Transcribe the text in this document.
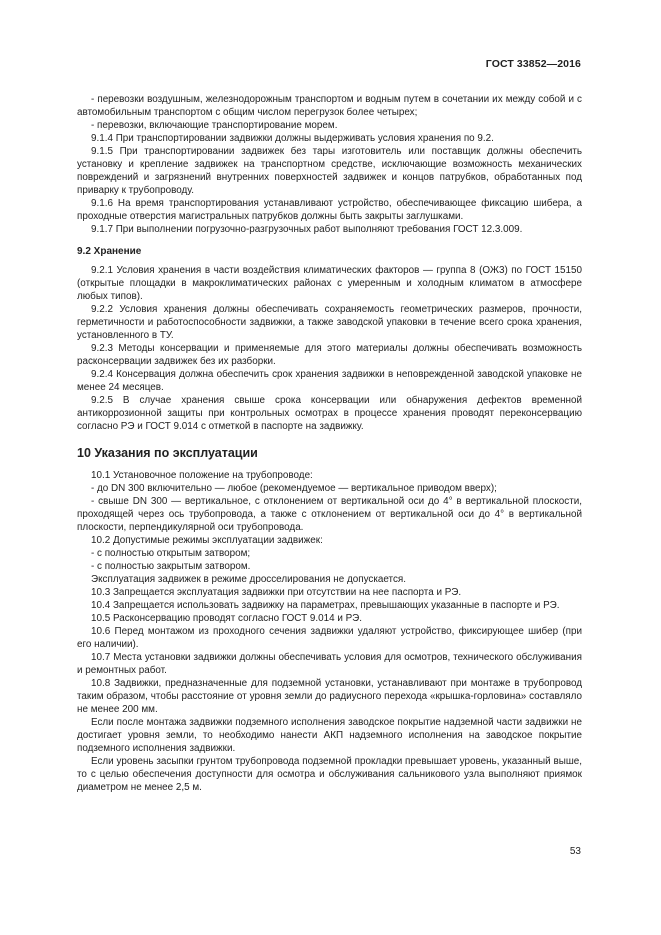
ГОСТ 33852—2016

- перевозки воздушным, железнодорожным транспортом и водным путем в сочетании их между собой и с автомобильным транспортом с общим числом перегрузок более четырех;

- перевозки, включающие транспортирование морем.

9.1.4 При транспортировании задвижки должны выдерживать условия хранения по 9.2.

9.1.5 При транспортировании задвижек без тары изготовитель или поставщик должны обеспечить установку и крепление задвижек на транспортном средстве, исключающие возможность механических повреждений и загрязнений внутренних поверхностей задвижек и концов патрубков, обработанных под приварку к трубопроводу.

9.1.6 На время транспортирования устанавливают устройство, обеспечивающее фиксацию шибера, а проходные отверстия магистральных патрубков должны быть закрыты заглушками.

9.1.7 При выполнении погрузочно-разгрузочных работ выполняют требования ГОСТ 12.3.009.

9.2 Хранение

9.2.1 Условия хранения в части воздействия климатических факторов — группа 8 (ОЖ3) по ГОСТ 15150 (открытые площадки в макроклиматических районах с умеренным и холодным климатом в атмосфере любых типов).

9.2.2 Условия хранения должны обеспечивать сохраняемость геометрических размеров, прочности, герметичности и работоспособности задвижки, а также заводской упаковки в течение всего срока хранения, установленного в ТУ.

9.2.3 Методы консервации и применяемые для этого материалы должны обеспечивать возможность расконсервации задвижек без их разборки.

9.2.4 Консервация должна обеспечить срок хранения задвижки в неповрежденной заводской упаковке не менее 24 месяцев.

9.2.5 В случае хранения свыше срока консервации или обнаружения дефектов временной антикоррозионной защиты при контрольных осмотрах в процессе хранения проводят переконсервацию согласно РЭ и ГОСТ 9.014 с отметкой в паспорте на задвижку.

10 Указания по эксплуатации

10.1 Установочное положение на трубопроводе:

- до DN 300 включительно — любое (рекомендуемое — вертикальное приводом вверх);

- свыше DN 300 — вертикальное, с отклонением от вертикальной оси до 4° в вертикальной плоскости, проходящей через ось трубопровода, а также с отклонением от вертикальной оси до 4° в вертикальной плоскости, перпендикулярной оси трубопровода.

10.2 Допустимые режимы эксплуатации задвижек:

- с полностью открытым затвором;

- с полностью закрытым затвором.

Эксплуатация задвижек в режиме дросселирования не допускается.

10.3 Запрещается эксплуатация задвижки при отсутствии на нее паспорта и РЭ.

10.4 Запрещается использовать задвижку на параметрах, превышающих указанные в паспорте и РЭ.

10.5 Расконсервацию проводят согласно ГОСТ 9.014 и РЭ.

10.6 Перед монтажом из проходного сечения задвижки удаляют устройство, фиксирующее шибер (при его наличии).

10.7 Места установки задвижки должны обеспечивать условия для осмотров, технического обслуживания и ремонтных работ.

10.8 Задвижки, предназначенные для подземной установки, устанавливают при монтаже в трубопровод таким образом, чтобы расстояние от уровня земли до радиусного перехода «крышка-горловина» составляло не менее 200 мм.

Если после монтажа задвижки подземного исполнения заводское покрытие надземной части задвижки не достигает уровня земли, то необходимо нанести АКП надземного исполнения на заводское покрытие подземного исполнения задвижки.

Если уровень засыпки грунтом трубопровода подземной прокладки превышает уровень, указанный выше, то с целью обеспечения доступности для осмотра и обслуживания сальникового узла выполняют приямок диаметром не менее 2,5 м.

53
